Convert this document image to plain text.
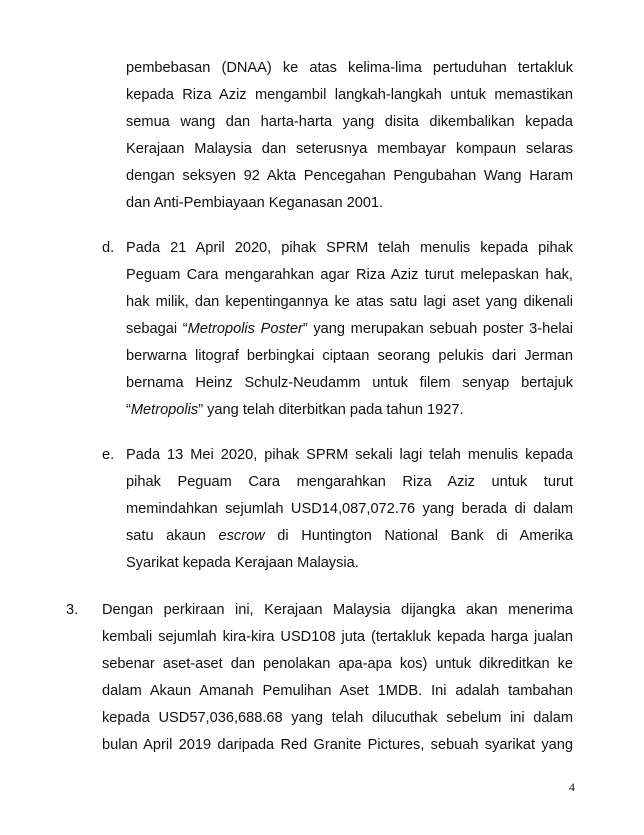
pembebasan (DNAA) ke atas kelima-lima pertuduhan tertakluk
kepada Riza Aziz mengambil langkah-langkah untuk memastikan
semua wang dan harta-harta yang disita dikembalikan kepada
Kerajaan Malaysia dan seterusnya membayar kompaun selaras
dengan seksyen 92 Akta Pencegahan Pengubahan Wang Haram
dan Anti-Pembiayaan Keganasan 2001.
d. Pada 21 April 2020, pihak SPRM telah menulis kepada pihak
Peguam Cara mengarahkan agar Riza Aziz turut melepaskan hak,
hak milik, dan kepentingannya ke atas satu lagi aset yang dikenali
sebagai “Metropolis Poster” yang merupakan sebuah poster 3-helai
berwarna litograf berbingkai ciptaan seorang pelukis dari Jerman
bernama Heinz Schulz-Neudamm untuk filem senyap bertajuk
“Metropolis” yang telah diterbitkan pada tahun 1927.
e. Pada 13 Mei 2020, pihak SPRM sekali lagi telah menulis kepada
pihak Peguam Cara mengarahkan Riza Aziz untuk turut
memindahkan sejumlah USD14,087,072.76 yang berada di dalam
satu akaun escrow di Huntington National Bank di Amerika
Syarikat kepada Kerajaan Malaysia.
3. Dengan perkiraan ini, Kerajaan Malaysia dijangka akan menerima
kembali sejumlah kira-kira USD108 juta (tertakluk kepada harga jualan
sebenar aset-aset dan penolakan apa-apa kos) untuk dikreditkan ke
dalam Akaun Amanah Pemulihan Aset 1MDB. Ini adalah tambahan
kepada USD57,036,688.68 yang telah dilucuthak sebelum ini dalam
bulan April 2019 daripada Red Granite Pictures, sebuah syarikat yang
4
